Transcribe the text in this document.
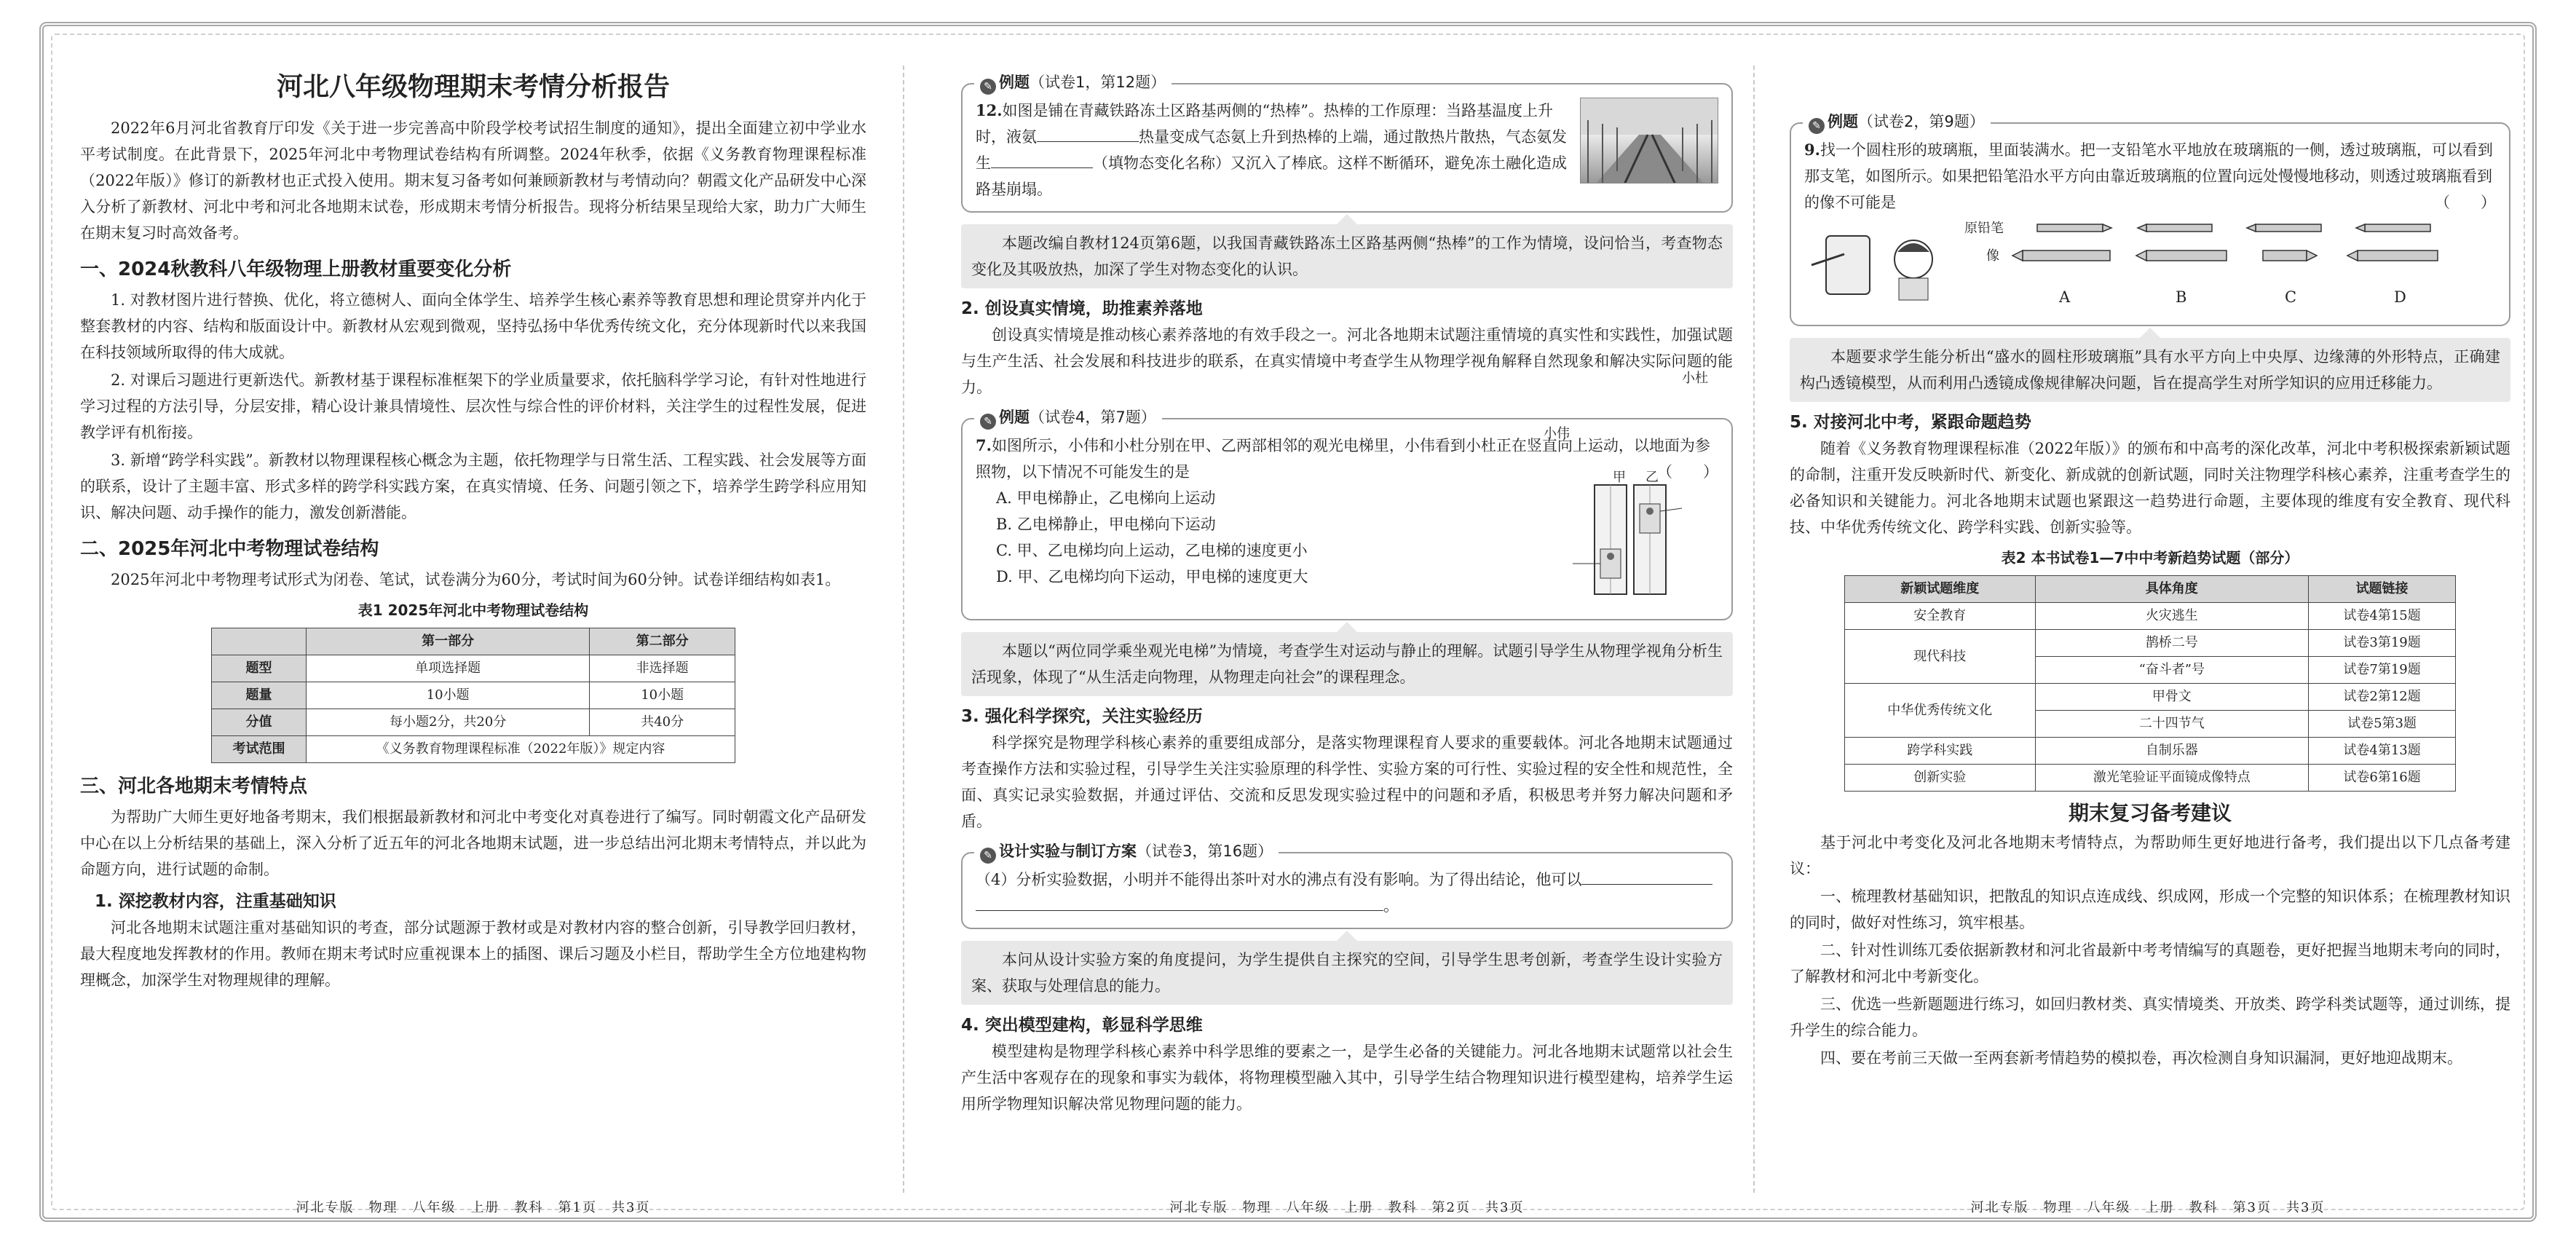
河北八年级物理期末考情分析报告

2022年6月河北省教育厅印发《关于进一步完善高中阶段学校考试招生制度的通知》，提出全面建立初中学业水平考试制度。在此背景下，2025年河北中考物理试卷结构有所调整。2024年秋季，依据《义务教育物理课程标准（2022年版）》修订的新教材也正式投入使用。期末复习备考如何兼顾新教材与考情动向？朝霞文化产品研发中心深入分析了新教材、河北中考和河北各地期末试卷，形成期末考情分析报告。现将分析结果呈现给大家，助力广大师生在期末复习时高效备考。

一、2024秋教科八年级物理上册教材重要变化分析

1. 对教材图片进行替换、优化，将立德树人、面向全体学生、培养学生核心素养等教育思想和理论贯穿并内化于整套教材的内容、结构和版面设计中。新教材从宏观到微观，坚持弘扬中华优秀传统文化，充分体现新时代以来我国在科技领域所取得的伟大成就。

2. 对课后习题进行更新迭代。新教材基于课程标准框架下的学业质量要求，依托脑科学学习论，有针对性地进行学习过程的方法引导，分层安排，精心设计兼具情境性、层次性与综合性的评价材料，关注学生的过程性发展，促进教学评有机衔接。

3. 新增“跨学科实践”。新教材以物理课程核心概念为主题，依托物理学与日常生活、工程实践、社会发展等方面的联系，设计了主题丰富、形式多样的跨学科实践方案，在真实情境、任务、问题引领之下，培养学生跨学科应用知识、解决问题、动手操作的能力，激发创新潜能。

二、2025年河北中考物理试卷结构

2025年河北中考物理考试形式为闭卷、笔试，试卷满分为60分，考试时间为60分钟。试卷详细结构如表1。

表1 2025年河北中考物理试卷结构
	第一部分	第二部分
题型	单项选择题	非选择题
题量	10小题	10小题
分值	每小题2分，共20分	共40分
考试范围	《义务教育物理课程标准（2022年版）》规定内容	
三、河北各地期末考情特点

为帮助广大师生更好地备考期末，我们根据最新教材和河北中考变化对真卷进行了编写。同时朝霞文化产品研发中心在以上分析结果的基础上，深入分析了近五年的河北各地期末试题，进一步总结出河北期末考情特点，并以此为命题方向，进行试题的命制。

1. 深挖教材内容，注重基础知识

河北各地期末试题注重对基础知识的考查，部分试题源于教材或是对教材内容的整合创新，引导教学回归教材，最大程度地发挥教材的作用。教师在期末考试时应重视课本上的插图、课后习题及小栏目，帮助学生全方位地建构物理概念，加深学生对物理规律的理解。

✎ 例题（试卷1，第12题）
12.如图是铺在青藏铁路冻土区路基两侧的“热棒”。热棒的工作原理：当路基温度上升时，液氨	热量变成气态氨上升到热棒的上端，通过散热片散热，气态氨发生	（填物态变化名称）又沉入了棒底。这样不断循环，避免冻土融化造成路基崩塌。
本题改编自教材124页第6题，以我国青藏铁路冻土区路基两侧“热棒”的工作为情境，设问恰当，考查物态变化及其吸放热，加深了学生对物态变化的认识。
2. 创设真实情境，助推素养落地

创设真实情境是推动核心素养落地的有效手段之一。河北各地期末试题注重情境的真实性和实践性，加强试题与生产生活、社会发展和科技进步的联系，在真实情境中考查学生从物理学视角解释自然现象和解决实际问题的能力。

✎ 例题（试卷4，第7题）
7.如图所示，小伟和小杜分别在甲、乙两部相邻的观光电梯里，小伟看到小杜正在竖直向上运动，以地面为参照物，以下情况不可能发生的是	（　　）
小杜
小伟
甲 乙
A. 甲电梯静止，乙电梯向上运动
B. 乙电梯静止，甲电梯向下运动
C. 甲、乙电梯均向上运动，乙电梯的速度更小
D. 甲、乙电梯均向下运动，甲电梯的速度更大
本题以“两位同学乘坐观光电梯”为情境，考查学生对运动与静止的理解。试题引导学生从物理学视角分析生活现象，体现了“从生活走向物理，从物理走向社会”的课程理念。
3. 强化科学探究，关注实验经历

科学探究是物理学科核心素养的重要组成部分，是落实物理课程育人要求的重要载体。河北各地期末试题通过考查操作方法和实验过程，引导学生关注实验原理的科学性、实验方案的可行性、实验过程的安全性和规范性，全面、真实记录实验数据，并通过评估、交流和反思发现实验过程中的问题和矛盾，积极思考并努力解决问题和矛盾。

✎ 设计实验与制订方案（试卷3，第16题）
（4）分析实验数据，小明并不能得出茶叶对水的沸点有没有影响。为了得出结论，他可以
。
本问从设计实验方案的角度提问，为学生提供自主探究的空间，引导学生思考创新，考查学生设计实验方案、获取与处理信息的能力。
4. 突出模型建构，彰显科学思维

模型建构是物理学科核心素养中科学思维的要素之一，是学生必备的关键能力。河北各地期末试题常以社会生产生活中客观存在的现象和事实为载体，将物理模型融入其中，引导学生结合物理知识进行模型建构，培养学生运用所学物理知识解决常见物理问题的能力。

✎ 例题（试卷2，第9题）
9.找一个圆柱形的玻璃瓶，里面装满水。把一支铅笔水平地放在玻璃瓶的一侧，透过玻璃瓶，可以看到那支笔，如图所示。如果把铅笔沿水平方向由靠近玻璃瓶的位置向远处慢慢地移动，则透过玻璃瓶看到的像不可能是	（　　）
原铅笔
像
A	B	C	D
本题要求学生能分析出“盛水的圆柱形玻璃瓶”具有水平方向上中央厚、边缘薄的外形特点，正确建构凸透镜模型，从而利用凸透镜成像规律解决问题，旨在提高学生对所学知识的应用迁移能力。
5. 对接河北中考，紧跟命题趋势

随着《义务教育物理课程标准（2022年版）》的颁布和中高考的深化改革，河北中考积极探索新颖试题的命制，注重开发反映新时代、新变化、新成就的创新试题，同时关注物理学科核心素养，注重考查学生的必备知识和关键能力。河北各地期末试题也紧跟这一趋势进行命题，主要体现的维度有安全教育、现代科技、中华优秀传统文化、跨学科实践、创新实验等。

表2 本书试卷1—7中中考新趋势试题（部分）
新颖试题维度	具体角度	试题链接
安全教育	火灾逃生	试卷4第15题
现代科技	鹊桥二号	试卷3第19题
	“奋斗者”号	试卷7第19题
中华优秀传统文化	甲骨文	试卷2第12题
	二十四节气	试卷5第3题
跨学科实践	自制乐器	试卷4第13题
创新实验	激光笔验证平面镜成像特点	试卷6第16题
期末复习备考建议

基于河北中考变化及河北各地期末考情特点，为帮助师生更好地进行备考，我们提出以下几点备考建议：

一、梳理教材基础知识，把散乱的知识点连成线、织成网，形成一个完整的知识体系；在梳理教材知识的同时，做好对性练习，筑牢根基。

二、针对性训练兀委依据新教材和河北省最新中考考情编写的真题卷，更好把握当地期末考向的同时，了解教材和河北中考新变化。

三、优选一些新题题进行练习，如回归教材类、真实情境类、开放类、跨学科类试题等，通过训练，提升学生的综合能力。

四、要在考前三天做一至两套新考情趋势的模拟卷，再次检测自身知识漏洞，更好地迎战期末。

河北专版　物理　八年级　上册　教科　第1页　共3页	河北专版　物理　八年级　上册　教科　第2页　共3页	河北专版　物理　八年级　上册　教科　第3页　共3页
